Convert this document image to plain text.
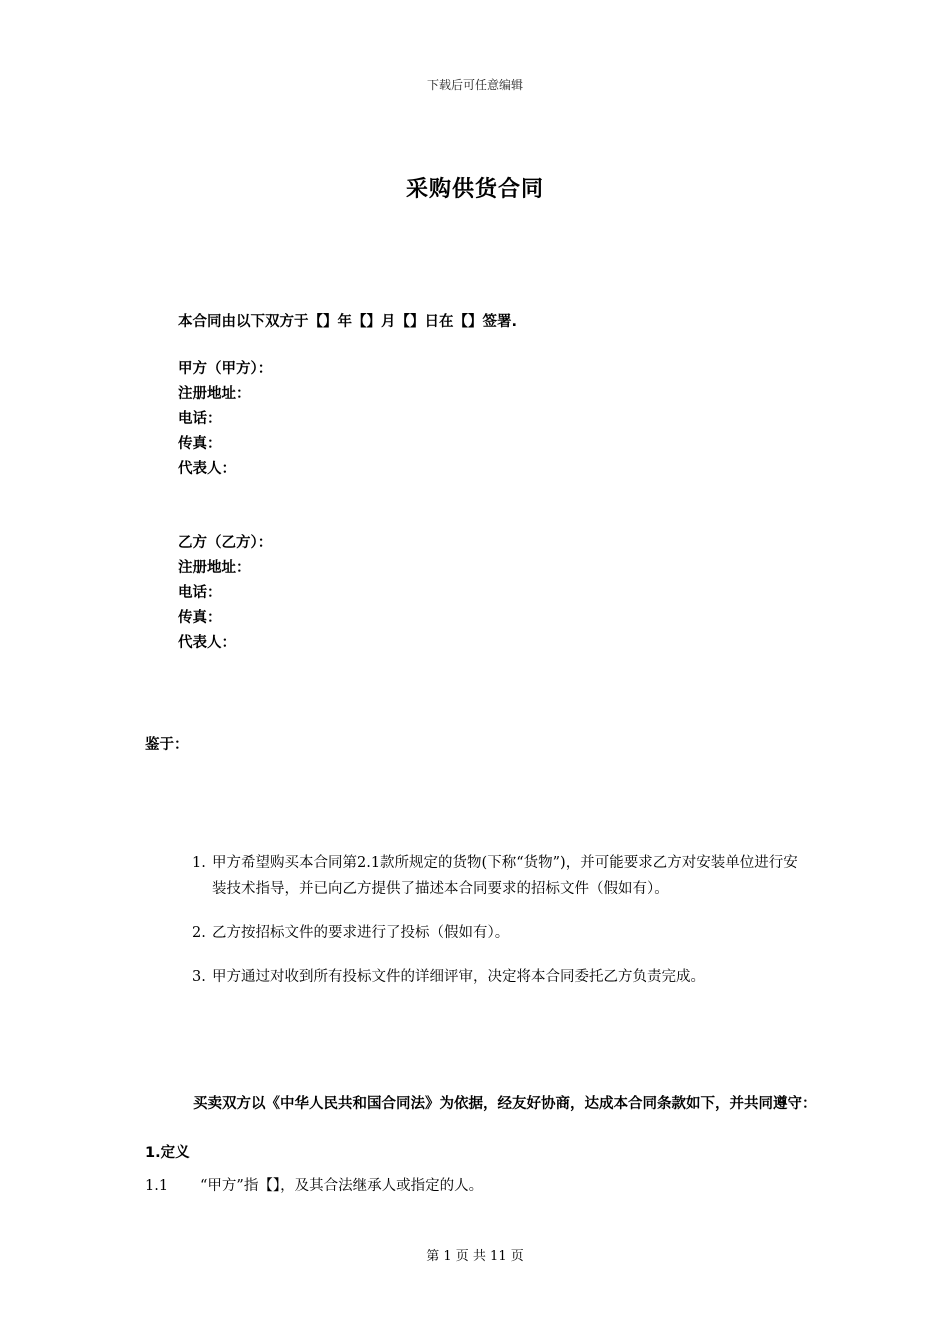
下载后可任意编辑
采购供货合同
本合同由以下双方于【】年【】月【】日在【】签署.
甲方（甲方）：
注册地址：
电话：
传真：
代表人：
乙方（乙方）：
注册地址：
电话：
传真：
代表人：
鉴于：
1. 甲方希望购买本合同第2.1款所规定的货物(下称“货物”)，并可能要求乙方对安装单位进行安装技术指导，并已向乙方提供了描述本合同要求的招标文件（假如有）。
2. 乙方按招标文件的要求进行了投标（假如有）。
3. 甲方通过对收到所有投标文件的详细评审，决定将本合同委托乙方负责完成。
买卖双方以《中华人民共和国合同法》为依据，经友好协商，达成本合同条款如下，并共同遵守：
1.定义
1.1 “甲方”指【】，及其合法继承人或指定的人。
第 1 页 共 11 页
